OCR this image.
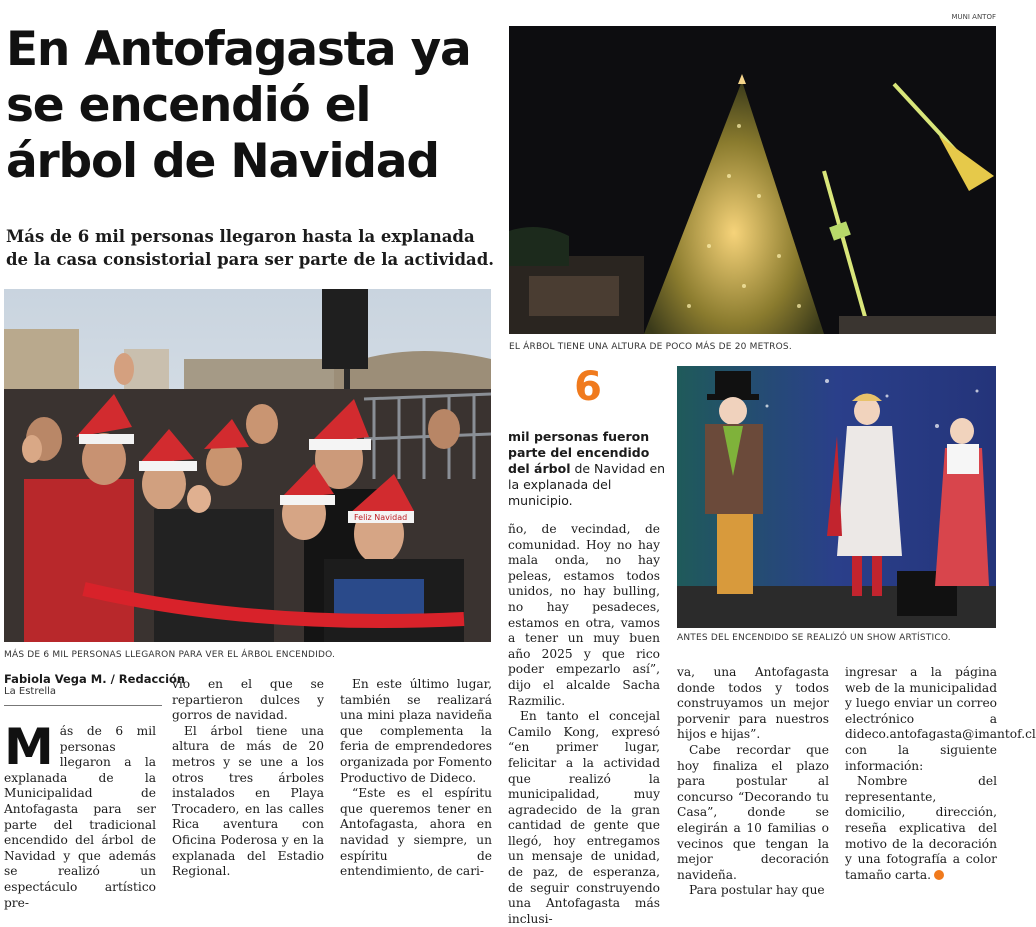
MUNI ANTOF
En Antofagasta ya se encendió el árbol de Navidad

Más de 6 mil personas llegaron hasta la explanada de la casa consistorial para ser parte de la actividad.

Feliz Navidad
MÁS DE 6 MIL PERSONAS LLEGARON PARA VER EL ÁRBOL ENCENDIDO.
EL ÁRBOL TIENE UNA ALTURA DE POCO MÁS DE 20 METROS.
ANTES DEL ENCENDIDO SE REALIZÓ UN SHOW ARTÍSTICO.
6

mil personas fueron parte del encendido del árbol de Navidad en la explanada del municipio.

Fabiola Vega M. / Redacción
La Estrella

Más de 6 mil personas llegaron a la explanada de la Municipalidad de Antofagasta para ser parte del tradicional encendido del árbol de Navidad y que además se realizó un espectáculo artístico pre-

vio en el que se repartieron dulces y gorros de navidad.

El árbol tiene una altura de más de 20 metros y se une a los otros tres árboles instalados en Playa Trocadero, en las calles Rica aventura con Oficina Poderosa y en la explanada del Estadio Regional.

En este último lugar, también se realizará una mini plaza navideña que complementa la feria de emprendedores organizada por Fomento Productivo de Dideco.

“Este es el espíritu que queremos tener en Antofagasta, ahora en navidad y siempre, un espíritu de entendimiento, de cari-

ño, de vecindad, de comunidad. Hoy no hay mala onda, no hay peleas, estamos todos unidos, no hay bulling, no hay pesadeces, estamos en otra, vamos a tener un muy buen año 2025 y que rico poder empezarlo así”, dijo el alcalde Sacha Razmilic.

En tanto el concejal Camilo Kong, expresó “en primer lugar, felicitar a la actividad que realizó la municipalidad, muy agradecido de la gran cantidad de gente que llegó, hoy entregamos un mensaje de unidad, de paz, de esperanza, de seguir construyendo una Antofagasta más inclusi-

va, una Antofagasta donde todos y todos construyamos un mejor porvenir para nuestros hijos e hijas”.

Cabe recordar que hoy finaliza el plazo para postular al concurso “Decorando tu Casa”, donde se elegirán a 10 familias o vecinos que tengan la mejor decoración navideña.

Para postular hay que

ingresar a la página web de la municipalidad y luego enviar un correo electrónico a dideco.antofagasta@imantof.cl con la siguiente información:

Nombre del representante, domicilio, dirección, reseña explicativa del motivo de la decoración y una fotografía a color tamaño carta.
